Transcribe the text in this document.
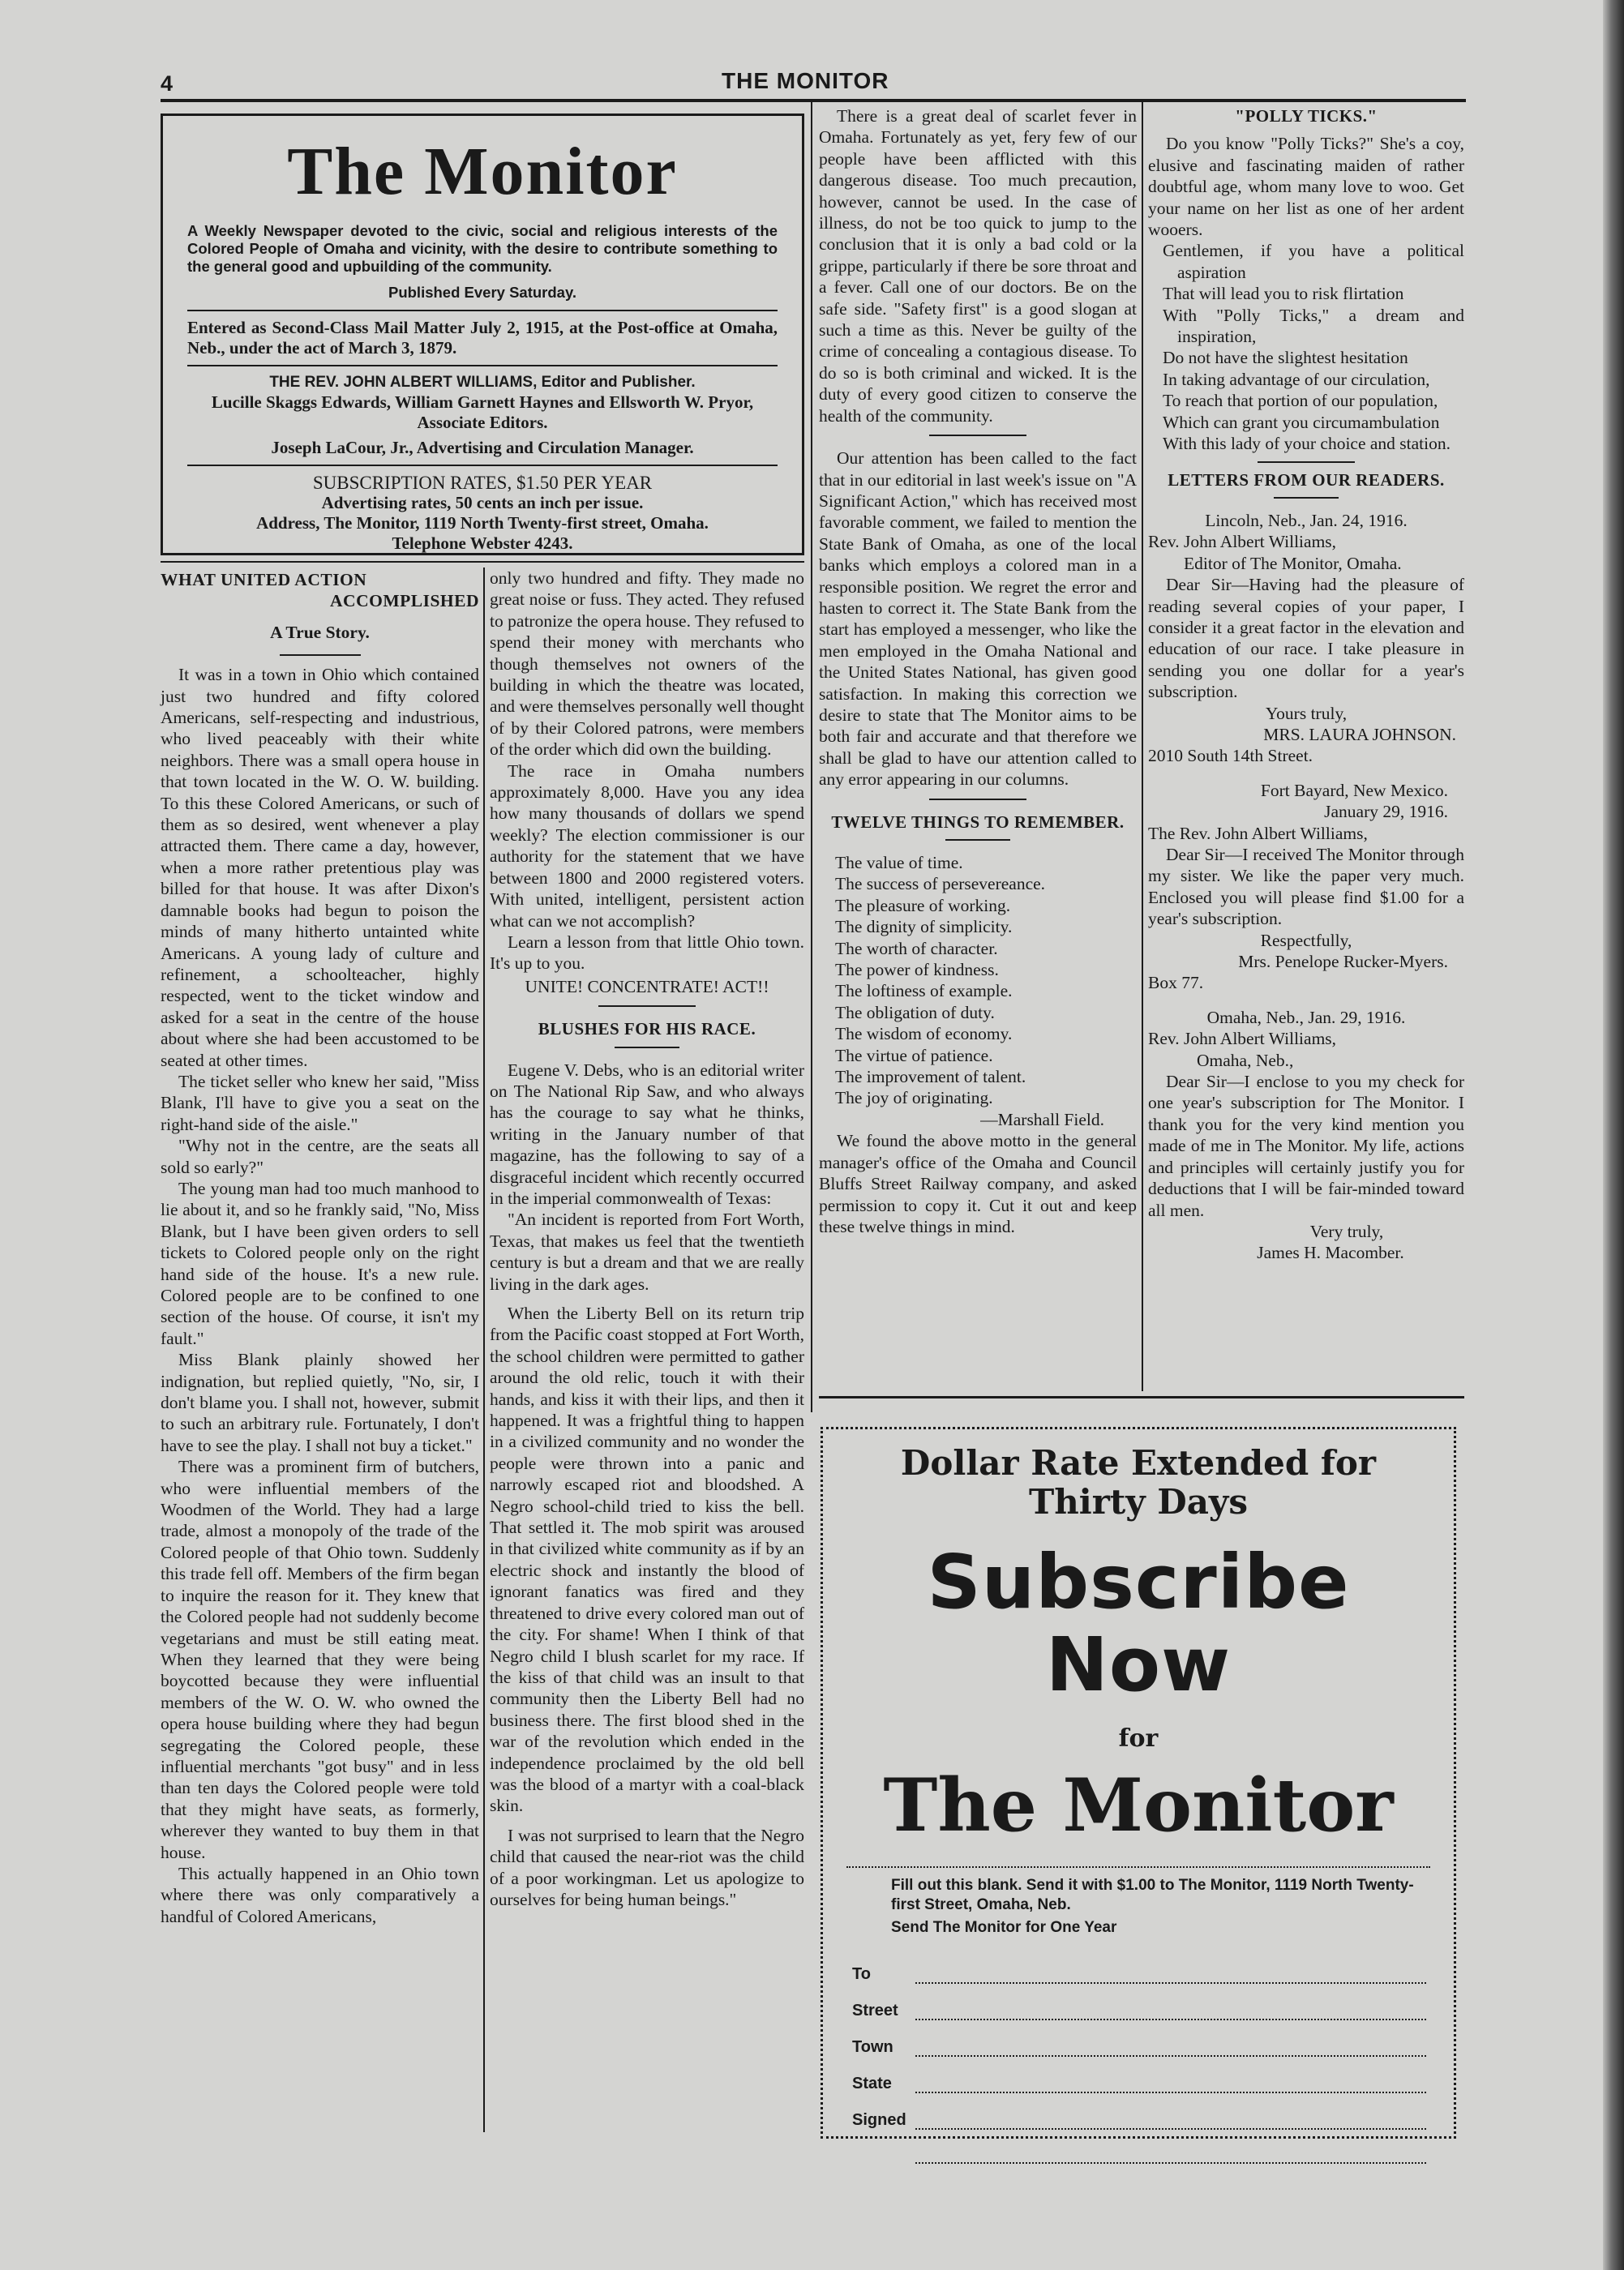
4	THE MONITOR
The Monitor

A Weekly Newspaper devoted to the civic, social and religious interests of the Colored People of Omaha and vicinity, with the desire to contribute something to the general good and upbuilding of the community.

Published Every Saturday.

Entered as Second-Class Mail Matter July 2, 1915, at the Post-office at Omaha, Neb., under the act of March 3, 1879.

THE REV. JOHN ALBERT WILLIAMS, Editor and Publisher.

Lucille Skaggs Edwards, William Garnett Haynes and Ellsworth W. Pryor, Associate Editors.

Joseph LaCour, Jr., Advertising and Circulation Manager.

SUBSCRIPTION RATES, $1.50 PER YEAR

Advertising rates, 50 cents an inch per issue.

Address, The Monitor, 1119 North Twenty-first street, Omaha.

Telephone Webster 4243.

WHAT UNITED ACTION

ACCOMPLISHED

A True Story.

It was in a town in Ohio which contained just two hundred and fifty colored Americans, self-respecting and industrious, who lived peaceably with their white neighbors. There was a small opera house in that town located in the W. O. W. building. To this these Colored Americans, or such of them as so desired, went whenever a play attracted them. There came a day, however, when a more rather pretentious play was billed for that house. It was after Dixon's damnable books had begun to poison the minds of many hitherto untainted white Americans. A young lady of culture and refinement, a schoolteacher, highly respected, went to the ticket window and asked for a seat in the centre of the house about where she had been accustomed to be seated at other times.

The ticket seller who knew her said, "Miss Blank, I'll have to give you a seat on the right-hand side of the aisle."

"Why not in the centre, are the seats all sold so early?"

The young man had too much manhood to lie about it, and so he frankly said, "No, Miss Blank, but I have been given orders to sell tickets to Colored people only on the right hand side of the house. It's a new rule. Colored people are to be confined to one section of the house. Of course, it isn't my fault."

Miss Blank plainly showed her indignation, but replied quietly, "No, sir, I don't blame you. I shall not, however, submit to such an arbitrary rule. Fortunately, I don't have to see the play. I shall not buy a ticket."

There was a prominent firm of butchers, who were influential members of the Woodmen of the World. They had a large trade, almost a monopoly of the trade of the Colored people of that Ohio town. Suddenly this trade fell off. Members of the firm began to inquire the reason for it. They knew that the Colored people had not suddenly become vegetarians and must be still eating meat. When they learned that they were being boycotted because they were influential members of the W. O. W. who owned the opera house building where they had begun segregating the Colored people, these influential merchants "got busy" and in less than ten days the Colored people were told that they might have seats, as formerly, wherever they wanted to buy them in that house.

This actually happened in an Ohio town where there was only comparatively a handful of Colored Americans,

only two hundred and fifty. They made no great noise or fuss. They acted. They refused to patronize the opera house. They refused to spend their money with merchants who though themselves not owners of the building in which the theatre was located, and were themselves personally well thought of by their Colored patrons, were members of the order which did own the building.

The race in Omaha numbers approximately 8,000. Have you any idea how many thousands of dollars we spend weekly? The election commissioner is our authority for the statement that we have between 1800 and 2000 registered voters. With united, intelligent, persistent action what can we not accomplish?

Learn a lesson from that little Ohio town. It's up to you.

UNITE! CONCENTRATE! ACT!!

BLUSHES FOR HIS RACE.

Eugene V. Debs, who is an editorial writer on The National Rip Saw, and who always has the courage to say what he thinks, writing in the January number of that magazine, has the following to say of a disgraceful incident which recently occurred in the imperial commonwealth of Texas:

"An incident is reported from Fort Worth, Texas, that makes us feel that the twentieth century is but a dream and that we are really living in the dark ages.

When the Liberty Bell on its return trip from the Pacific coast stopped at Fort Worth, the school children were permitted to gather around the old relic, touch it with their hands, and kiss it with their lips, and then it happened. It was a frightful thing to happen in a civilized community and no wonder the people were thrown into a panic and narrowly escaped riot and bloodshed. A Negro school-child tried to kiss the bell. That settled it. The mob spirit was aroused in that civilized white community as if by an electric shock and instantly the blood of ignorant fanatics was fired and they threatened to drive every colored man out of the city. For shame! When I think of that Negro child I blush scarlet for my race. If the kiss of that child was an insult to that community then the Liberty Bell had no business there. The first blood shed in the war of the revolution which ended in the independence proclaimed by the old bell was the blood of a martyr with a coal-black skin.

I was not surprised to learn that the Negro child that caused the near-riot was the child of a poor workingman. Let us apologize to ourselves for being human beings."

There is a great deal of scarlet fever in Omaha. Fortunately as yet, fery few of our people have been afflicted with this dangerous disease. Too much precaution, however, cannot be used. In the case of illness, do not be too quick to jump to the conclusion that it is only a bad cold or la grippe, particularly if there be sore throat and a fever. Call one of our doctors. Be on the safe side. "Safety first" is a good slogan at such a time as this. Never be guilty of the crime of concealing a contagious disease. To do so is both criminal and wicked. It is the duty of every good citizen to conserve the health of the community.

Our attention has been called to the fact that in our editorial in last week's issue on "A Significant Action," which has received most favorable comment, we failed to mention the State Bank of Omaha, as one of the local banks which employs a colored man in a responsible position. We regret the error and hasten to correct it. The State Bank from the start has employed a messenger, who like the men employed in the Omaha National and the United States National, has given good satisfaction. In making this correction we desire to state that The Monitor aims to be both fair and accurate and that therefore we shall be glad to have our attention called to any error appearing in our columns.

TWELVE THINGS TO REMEMBER.

The value of time.

The success of persevereance.

The pleasure of working.

The dignity of simplicity.

The worth of character.

The power of kindness.

The loftiness of example.

The obligation of duty.

The wisdom of economy.

The virtue of patience.

The improvement of talent.

The joy of originating.

—Marshall Field.

We found the above motto in the general manager's office of the Omaha and Council Bluffs Street Railway company, and asked permission to copy it. Cut it out and keep these twelve things in mind.

"POLLY TICKS."

Do you know "Polly Ticks?" She's a coy, elusive and fascinating maiden of rather doubtful age, whom many love to woo. Get your name on her list as one of her ardent wooers.

Gentlemen, if you have a political aspiration

That will lead you to risk flirtation

With "Polly Ticks," a dream and inspiration,

Do not have the slightest hesitation

In taking advantage of our circulation,

To reach that portion of our population,

Which can grant you circumambulation

With this lady of your choice and station.

LETTERS FROM OUR READERS.

Lincoln, Neb., Jan. 24, 1916.

Rev. John Albert Williams,

Editor of The Monitor, Omaha.

Dear Sir—Having had the pleasure of reading several copies of your paper, I consider it a great factor in the elevation and education of our race. I take pleasure in sending you one dollar for a year's subscription.

Yours truly,

MRS. LAURA JOHNSON.

2010 South 14th Street.

Fort Bayard, New Mexico.

January 29, 1916.

The Rev. John Albert Williams,

Dear Sir—I received The Monitor through my sister. We like the paper very much. Enclosed you will please find $1.00 for a year's subscription.

Respectfully,

Mrs. Penelope Rucker-Myers.

Box 77.

Omaha, Neb., Jan. 29, 1916.

Rev. John Albert Williams,

Omaha, Neb.,

Dear Sir—I enclose to you my check for one year's subscription for The Monitor. I thank you for the very kind mention you made of me in The Monitor. My life, actions and principles will certainly justify you for deductions that I will be fair-minded toward all men.

Very truly,

James H. Macomber.

Dollar Rate Extended for Thirty Days
Subscribe
Now
for
The Monitor
Fill out this blank. Send it with $1.00 to The Monitor, 1119 North Twenty-first Street, Omaha, Neb.
Send The Monitor for One Year
To
Street
Town
State
Signed
